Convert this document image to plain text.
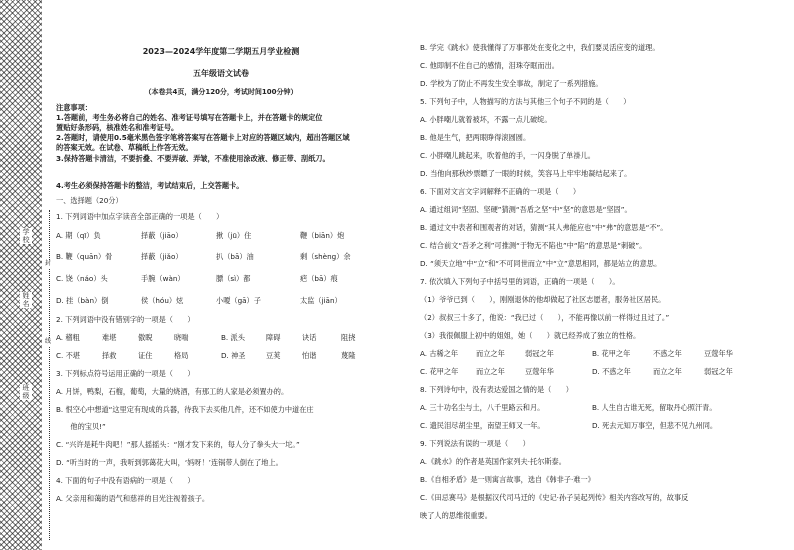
学校
封
姓名
线
班级
2023—2024学年度第二学期五月学业检测
五年级语文试卷
（本卷共4页，满分120分，考试时间100分钟）
注意事项：
1.答题前，考生务必将自己的姓名、准考证号填写在答题卡上，并在答题卡的规定位
置贴好条形码，核准姓名和准考证号。
2.答题时，请使用0.5毫米黑色签字笔将答案写在答题卡上对应的答题区域内，超出答题区域
的答案无效。在试卷、草稿纸上作答无效。
3.保持答题卡清洁，不要折叠、不要弄破、弄皱，不准使用涂改液、修正带、刮纸刀。
4.考生必须保持答题卡的整洁，考试结束后，上交答题卡。
一、选择题（20分）
1. 下列词语中加点字读音全部正确的一项是（　　）
A. 期（qī）负	择蔽（jiāo）	揪（jū）住	鞭（biān）炮
B. 鞭（quān）骨	择蔽（jiǎo）	扒（bā）油	剩（shèng）余
C. 饶（náo）头	手腕（wàn）	膘（sì）都	疤（bā）痕
D. 挂（bàn）倒	侯（hóu）炫	小嗄（gā）子	太监（jiān）
2. 下列词语中没有错别字的一项是（　　）
A. 稽粗	难堪	傲睨	晓喘	B. 派头	障碍	诀话	阻挠
C. 不堪	择救	证住	格局	D. 神圣	豆荚	怕谐	蔑隆
3. 下列标点符号运用正确的一项是（　　）
A. 月饼，鸭梨，石榴，葡萄，大量的烧酒，有那工的人家是必须置办的。
B. 恨空心中想道“这里定有现成的兵器，待我下去买他几件，还不如使力中道在庄
　　他的宝贝!”
C. “兴许是耗牛肉吧！”那人摇摇头：“刚才发下来的，每人分了拳头大一坨。”
D. “听当时的一声，我听到郭蔼花大叫，‘妈呀！’连锅带人倒在了地上。
4. 下面的句子中没有语病的一项是（　　）
A. 父亲用和蔼的语气和慈祥的目光注视着孩子。
B. 学完《跳水》使我懂得了万事都处在变化之中，我们要灵活应变的道理。
C. 他即制不住自己的感情，泪珠夺眶而出。
D. 学校为了防止不再发生安全事故，制定了一系列措施。
5. 下列句子中，人物描写的方法与其他三个句子不同的是（　　）
A. 小胖嘲儿就着被坏，不露一点儿破绽。
B. 他是生气，把两眼睁得滚圆圆。
C. 小胖嘲儿跳起来，吹着他的手，一闪身脱了单褂儿。
D. 当他向那秋纱票瞟了一眼的时候，笑容马上牢牢地凝结起来了。
6. 下面对文言文字词解释不正确的一项是（　　）
A. 通过组词“坚固、坚硬”猜测“吾盾之坚”中“坚”的意思是“坚固”。
B. 通过文中表者和围观者的对话，猜测“其人弗能应也”中“弗”的意思是“不”。
C. 结合前文“吾矛之利”可推测“于物无不陷也”中“陷”的意思是“刺破”。
D. “须天立地”中“立”和“不可同世而立”中“立”意思相同，都是站立的意思。
7. 依次填入下列句子中括号里的词语，正确的一项是（　　）。
（1）爷爷已到（　　），刚刚退休的他却做起了社区志愿者，服务社区居民。
（2）叔叔三十多了，他说：“我已过（　　），不能再像以前一样得过且过了。”
（3）我很佩服上初中的姐姐，她（　　）就已经养成了独立的性格。
A. 古稀之年 而立之年	弱冠之年	B. 花甲之年	不惑之年	豆蔻年华
C. 花甲之年 而立之年	豆蔻年华	D. 不惑之年	而立之年	弱冠之年
8. 下列诗句中，没有表达爱国之情的是（　　）
A. 三十功名尘与土，八千里路云和月。	B. 人生自古谁无死，留取丹心照汗青。
C. 遗民泪尽胡尘里，南望王师又一年。	D. 死去元知万事空，但悲不见九州同。
9. 下列说法有误的一项是（　　）
A.《跳水》的作者是英国作家列夫·托尔斯泰。
B.《自相矛盾》是一则寓言故事，选自《韩非子·难一》
C.《田忌赛马》是根据汉代司马迁的《史记·孙子吴起列传》相关内容改写的，故事反
映了人的思维很重要。
